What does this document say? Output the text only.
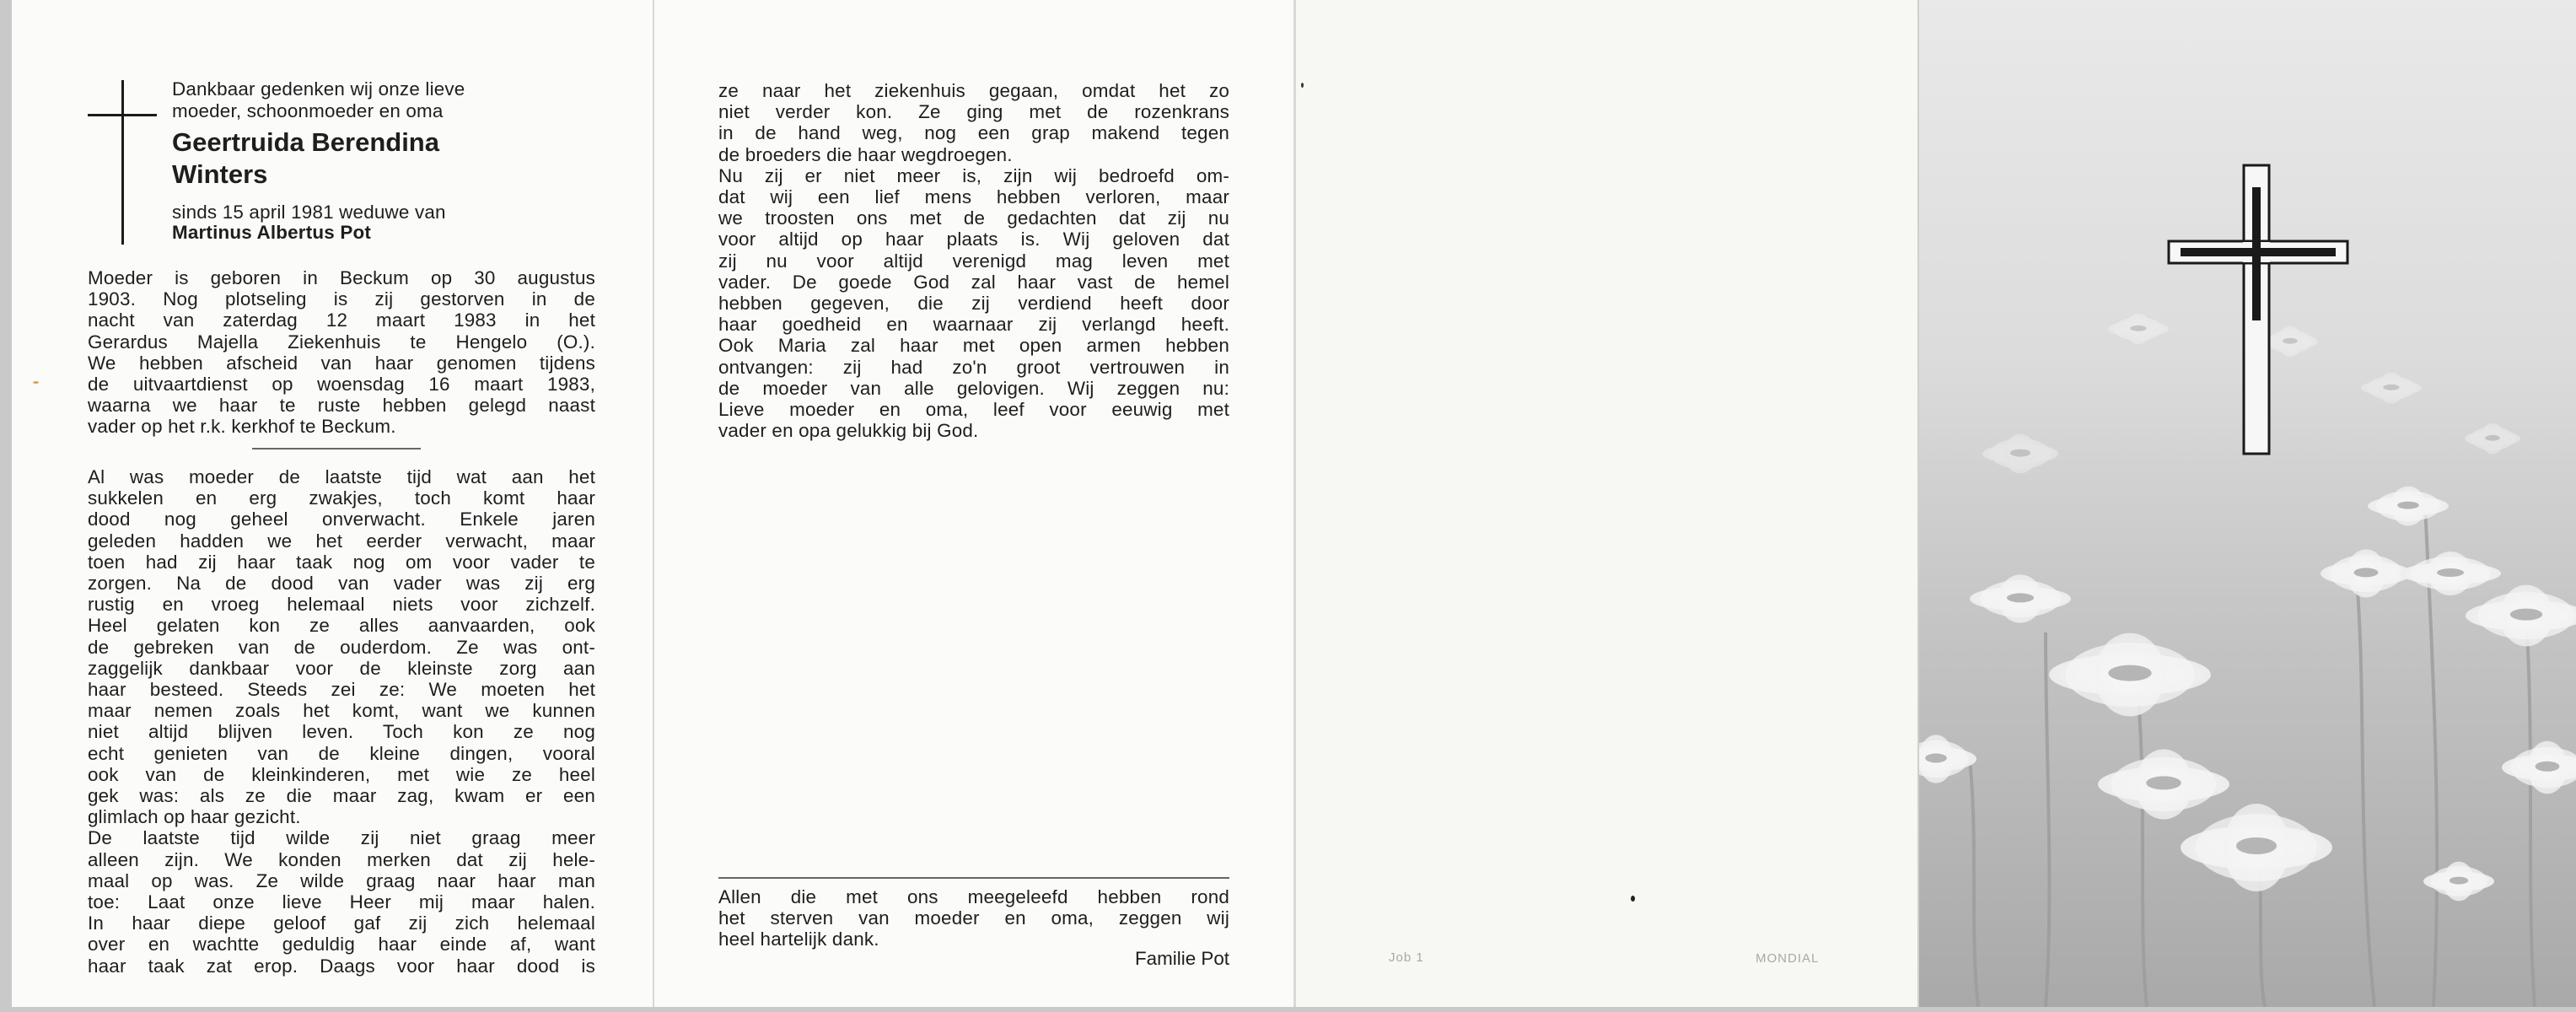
Dankbaar gedenken wij onze lieve
moeder, schoonmoeder en oma
Geertruida Berendina
Winters
sinds 15 april 1981 weduwe van
Martinus Albertus Pot

Moeder is geboren in Beckum op 30 augustus

1903. Nog plotseling is zij gestorven in de

nacht van zaterdag 12 maart 1983 in het

Gerardus Majella Ziekenhuis te Hengelo (O.).

We hebben afscheid van haar genomen tijdens

de uitvaartdienst op woensdag 16 maart 1983,

waarna we haar te ruste hebben gelegd naast

vader op het r.k. kerkhof te Beckum.

Al was moeder de laatste tijd wat aan het

sukkelen en erg zwakjes, toch komt haar

dood nog geheel onverwacht. Enkele jaren

geleden hadden we het eerder verwacht, maar

toen had zij haar taak nog om voor vader te

zorgen. Na de dood van vader was zij erg

rustig en vroeg helemaal niets voor zichzelf.

Heel gelaten kon ze alles aanvaarden, ook

de gebreken van de ouderdom. Ze was ont-

zaggelijk dankbaar voor de kleinste zorg aan

haar besteed. Steeds zei ze: We moeten het

maar nemen zoals het komt, want we kunnen

niet altijd blijven leven. Toch kon ze nog

echt genieten van de kleine dingen, vooral

ook van de kleinkinderen, met wie ze heel

gek was: als ze die maar zag, kwam er een

glimlach op haar gezicht.

De laatste tijd wilde zij niet graag meer

alleen zijn. We konden merken dat zij hele-

maal op was. Ze wilde graag naar haar man

toe: Laat onze lieve Heer mij maar halen.

In haar diepe geloof gaf zij zich helemaal

over en wachtte geduldig haar einde af, want

haar taak zat erop. Daags voor haar dood is

ze naar het ziekenhuis gegaan, omdat het zo

niet verder kon. Ze ging met de rozenkrans

in de hand weg, nog een grap makend tegen

de broeders die haar wegdroegen.

Nu zij er niet meer is, zijn wij bedroefd om-

dat wij een lief mens hebben verloren, maar

we troosten ons met de gedachten dat zij nu

voor altijd op haar plaats is. Wij geloven dat

zij nu voor altijd verenigd mag leven met

vader. De goede God zal haar vast de hemel

hebben gegeven, die zij verdiend heeft door

haar goedheid en waarnaar zij verlangd heeft.

Ook Maria zal haar met open armen hebben

ontvangen: zij had zo'n groot vertrouwen in

de moeder van alle gelovigen. Wij zeggen nu:

Lieve moeder en oma, leef voor eeuwig met

vader en opa gelukkig bij God.

Allen die met ons meegeleefd hebben rond

het sterven van moeder en oma, zeggen wij

heel hartelijk dank.

Familie Pot	Job 1	MONDIAL
